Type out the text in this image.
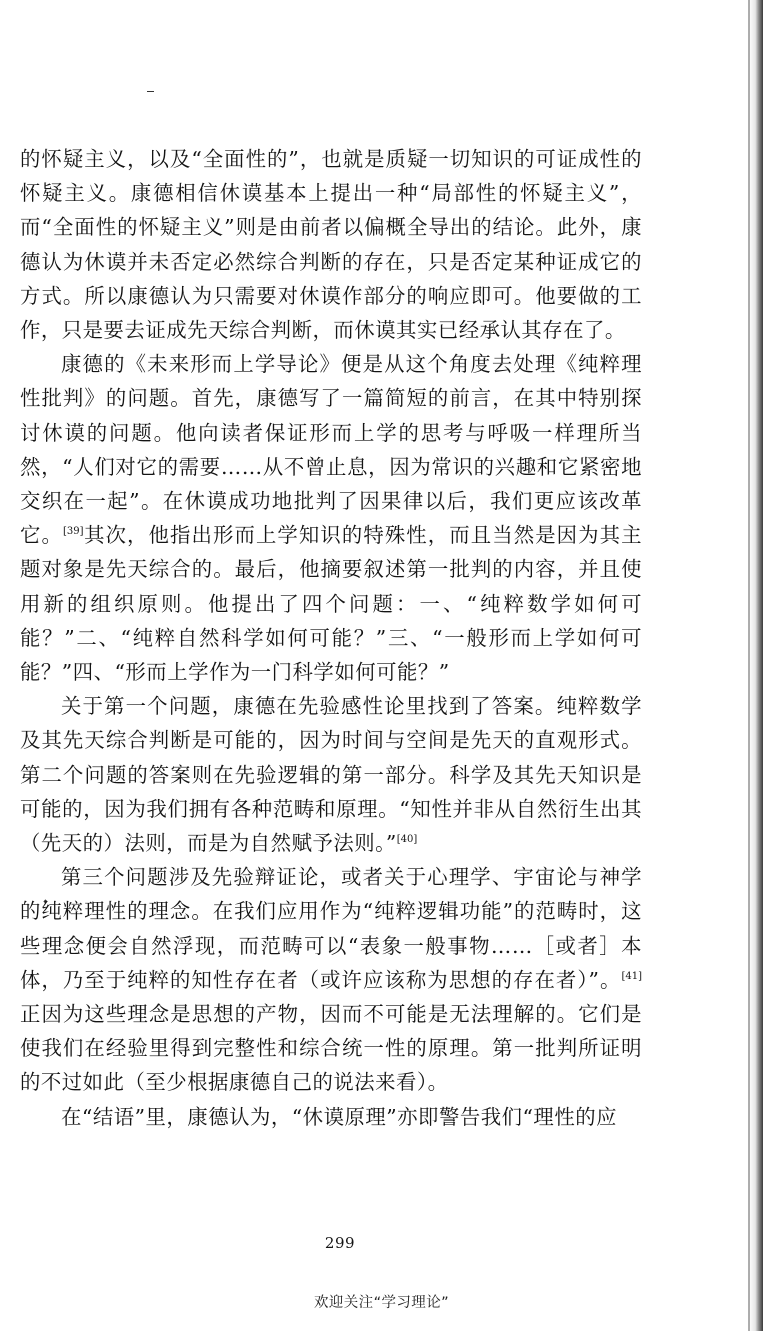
的怀疑主义，以及“全面性的”，也就是质疑一切知识的可证成性的怀疑主义。康德相信休谟基本上提出一种“局部性的怀疑主义”，而“全面性的怀疑主义”则是由前者以偏概全导出的结论。此外，康德认为休谟并未否定必然综合判断的存在，只是否定某种证成它的方式。所以康德认为只需要对休谟作部分的响应即可。他要做的工作，只是要去证成先天综合判断，而休谟其实已经承认其存在了。

康德的《未来形而上学导论》便是从这个角度去处理《纯粹理性批判》的问题。首先，康德写了一篇简短的前言，在其中特别探讨休谟的问题。他向读者保证形而上学的思考与呼吸一样理所当然，“人们对它的需要……从不曾止息，因为常识的兴趣和它紧密地交织在一起”。在休谟成功地批判了因果律以后，我们更应该改革它。[39]其次，他指出形而上学知识的特殊性，而且当然是因为其主题对象是先天综合的。最后，他摘要叙述第一批判的内容，并且使用新的组织原则。他提出了四个问题：一、“纯粹数学如何可能？”二、“纯粹自然科学如何可能？”三、“一般形而上学如何可能？”四、“形而上学作为一门科学如何可能？”

关于第一个问题，康德在先验感性论里找到了答案。纯粹数学及其先天综合判断是可能的，因为时间与空间是先天的直观形式。第二个问题的答案则在先验逻辑的第一部分。科学及其先天知识是可能的，因为我们拥有各种范畴和原理。“知性并非从自然衍生出其（先天的）法则，而是为自然赋予法则。”[40]

第三个问题涉及先验辩证论，或者关于心理学、宇宙论与神学的纯粹理性的理念。在我们应用作为“纯粹逻辑功能”的范畴时，这些理念便会自然浮现，而范畴可以“表象一般事物……［或者］本体，乃至于纯粹的知性存在者（或许应该称为思想的存在者）”。[41]正因为这些理念是思想的产物，因而不可能是无法理解的。它们是使我们在经验里得到完整性和综合统一性的原理。第一批判所证明的不过如此（至少根据康德自己的说法来看）。

在“结语”里，康德认为，“休谟原理”亦即警告我们“理性的应

299
欢迎关注“学习理论”
